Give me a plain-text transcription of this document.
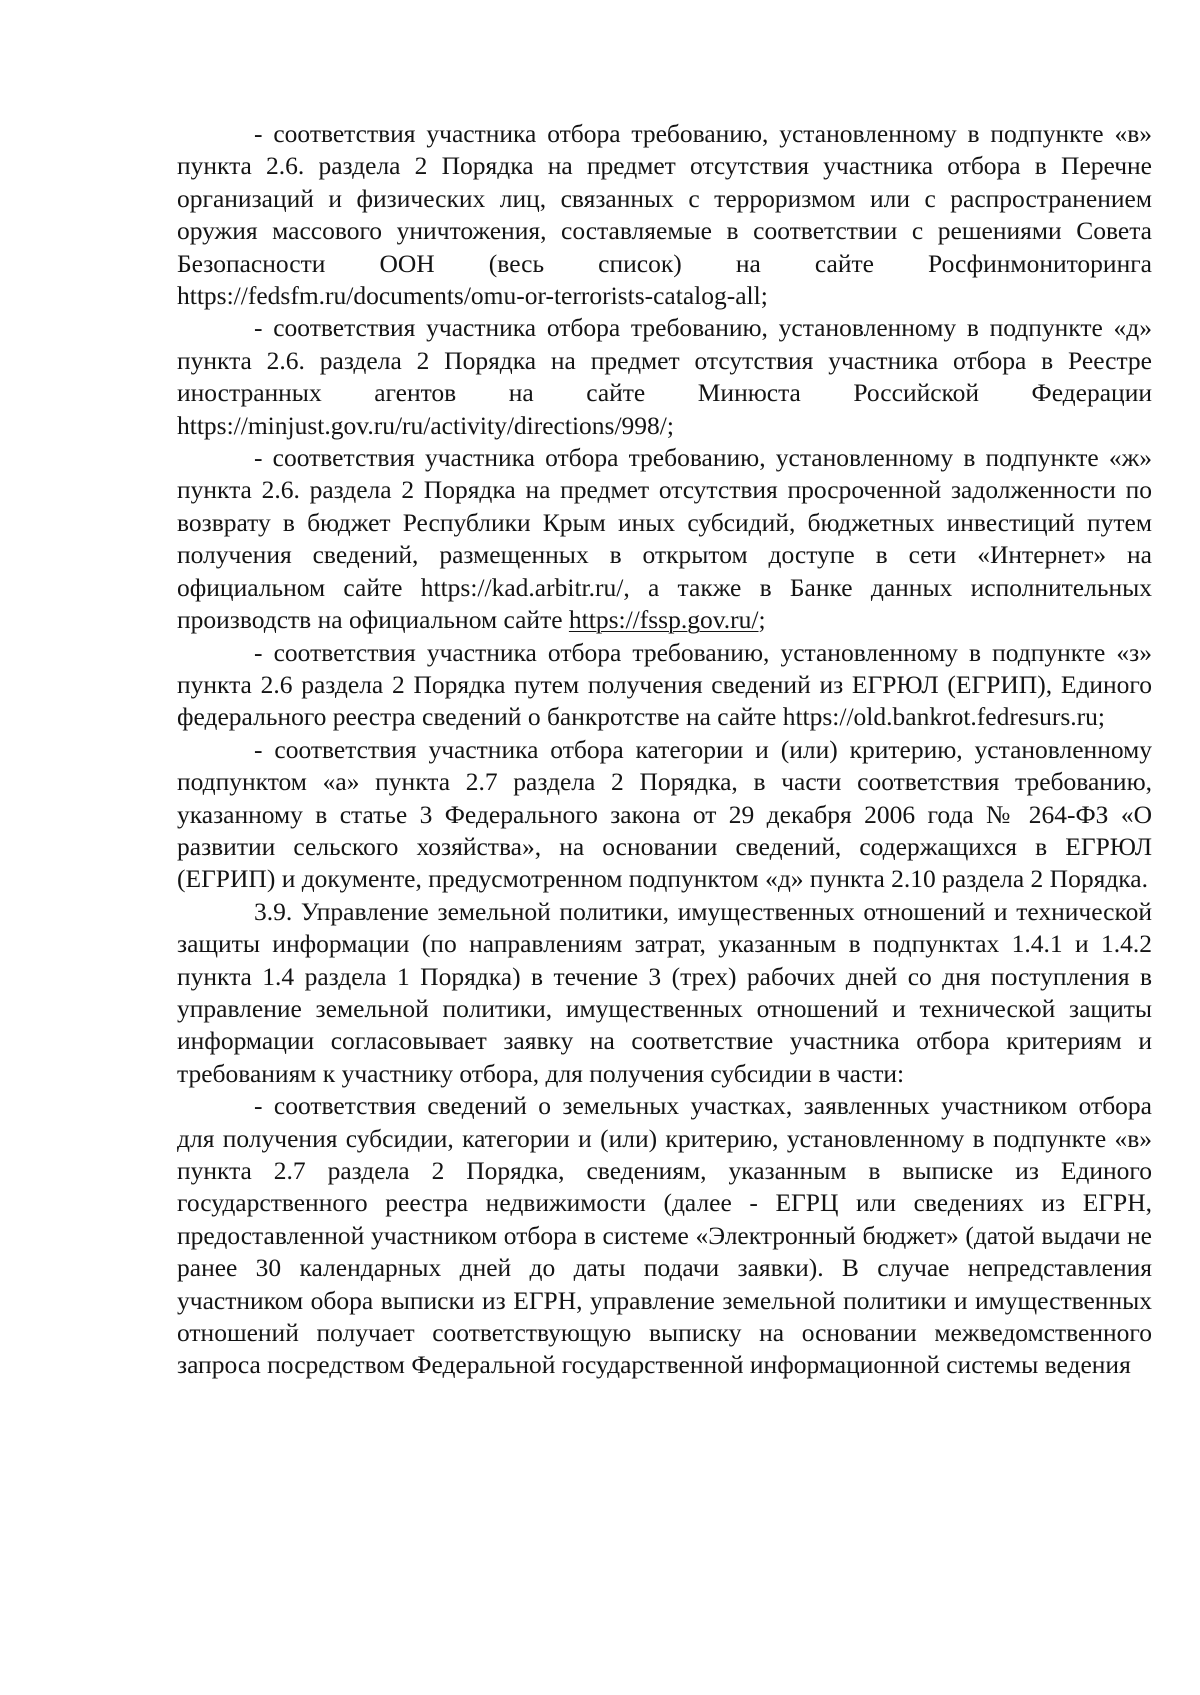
- соответствия участника отбора требованию, установленному в подпункте «в» пункта 2.6. раздела 2 Порядка на предмет отсутствия участника отбора в Перечне организаций и физических лиц, связанных с терроризмом или с распространением оружия массового уничтожения, составляемые в соответствии с решениями Совета Безопасности ООН (весь список) на сайте Росфинмониторинга https://fedsfm.ru/documents/omu-or-terrorists-catalog-all;

- соответствия участника отбора требованию, установленному в подпункте «д» пункта 2.6. раздела 2 Порядка на предмет отсутствия участника отбора в Реестре иностранных агентов на сайте Минюста Российской Федерации https://minjust.gov.ru/ru/activity/directions/998/;

- соответствия участника отбора требованию, установленному в подпункте «ж» пункта 2.6. раздела 2 Порядка на предмет отсутствия просроченной задолженности по возврату в бюджет Республики Крым иных субсидий, бюджетных инвестиций путем получения сведений, размещенных в открытом доступе в сети «Интернет» на официальном сайте https://kad.arbitr.ru/, а также в Банке данных исполнительных производств на официальном сайте https://fssp.gov.ru/;

- соответствия участника отбора требованию, установленному в подпункте «з» пункта 2.6 раздела 2 Порядка путем получения сведений из ЕГРЮЛ (ЕГРИП), Единого федерального реестра сведений о банкротстве на сайте https://old.bankrot.fedresurs.ru;

- соответствия участника отбора категории и (или) критерию, установленному подпунктом «а» пункта 2.7 раздела 2 Порядка, в части соответствия требованию, указанному в статье 3 Федерального закона от 29 декабря 2006 года № 264-ФЗ «О развитии сельского хозяйства», на основании сведений, содержащихся в ЕГРЮЛ (ЕГРИП) и документе, предусмотренном подпунктом «д» пункта 2.10 раздела 2 Порядка.

3.9. Управление земельной политики, имущественных отношений и технической защиты информации (по направлениям затрат, указанным в подпунктах 1.4.1 и 1.4.2 пункта 1.4 раздела 1 Порядка) в течение 3 (трех) рабочих дней со дня поступления в управление земельной политики, имущественных отношений и технической защиты информации согласовывает заявку на соответствие участника отбора критериям и требованиям к участнику отбора, для получения субсидии в части:

- соответствия сведений о земельных участках, заявленных участником отбора для получения субсидии, категории и (или) критерию, установленному в подпункте «в» пункта 2.7 раздела 2 Порядка, сведениям, указанным в выписке из Единого государственного реестра недвижимости (далее - ЕГРЦ или сведениях из ЕГРН, предоставленной участником отбора в системе «Электронный бюджет» (датой выдачи не ранее 30 календарных дней до даты подачи заявки). В случае непредставления участником обора выписки из ЕГРН, управление земельной политики и имущественных отношений получает соответствующую выписку на основании межведомственного запроса посредством Федеральной государственной информационной системы ведения
